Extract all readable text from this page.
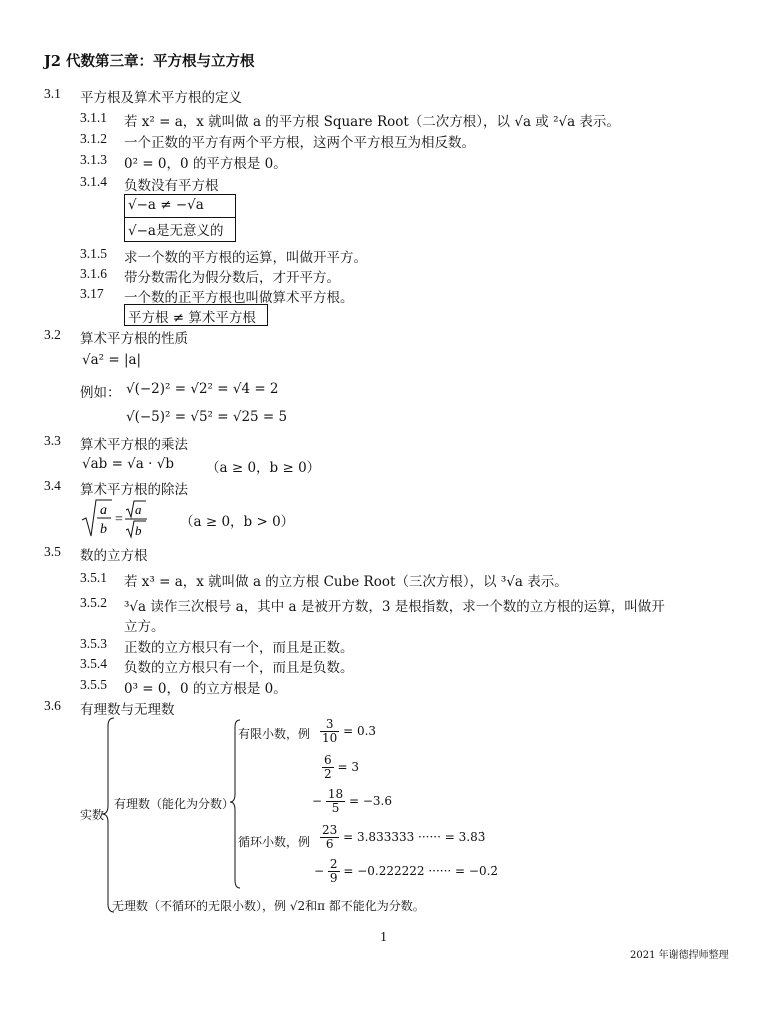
J2 代数第三章：平方根与立方根
3.1 平方根及算术平方根的定义
3.1.1 若 x² = a，x 就叫做 a 的平方根 Square Root（二次方根），以 √a 或 ²√a 表示。
3.1.2 一个正数的平方有两个平方根，这两个平方根互为相反数。
3.1.3 0² = 0，0 的平方根是 0。
3.1.4 负数没有平方根
√−a ≠ −√a
√−a是无意义的
3.1.5 求一个数的平方根的运算，叫做开平方。
3.1.6 带分数需化为假分数后，才开平方。
3.17 一个数的正平方根也叫做算术平方根。
平方根 ≠ 算术平方根
3.2 算术平方根的性质
√a² = |a|
例如： √(−2)² = √2² = √4 = 2
√(−5)² = √5² = √25 = 5
3.3 算术平方根的乘法
√ab = √a · √b （a ≥ 0，b ≥ 0）
3.4 算术平方根的除法
a
b
=
a
b
（a ≥ 0，b > 0）
3.5 数的立方根
3.5.1 若 x³ = a，x 就叫做 a 的立方根 Cube Root（三次方根），以 ³√a 表示。
3.5.2 ³√a 读作三次根号 a，其中 a 是被开方数，3 是根指数，求一个数的立方根的运算，叫做开
立方。
3.5.3 正数的立方根只有一个，而且是正数。
3.5.4 负数的立方根只有一个，而且是负数。
3.5.5 0³ = 0，0 的立方根是 0。
3.6 有理数与无理数
实数
有理数（能化为分数）
有限小数，例 $\frac{3}{10} = 0.3$
$\frac{6}{2} = 3$
− $\frac{18}{5} = -3.6$
循环小数，例 $\frac{23}{6} = 3.833333$ ······ = 3.83̇
− $\frac{2}{9} = -0.222222$ ······ = −0.2̇
无理数（不循环的无限小数），例 √2和π 都不能化为分数。
1
2021 年谢德捍师整理
